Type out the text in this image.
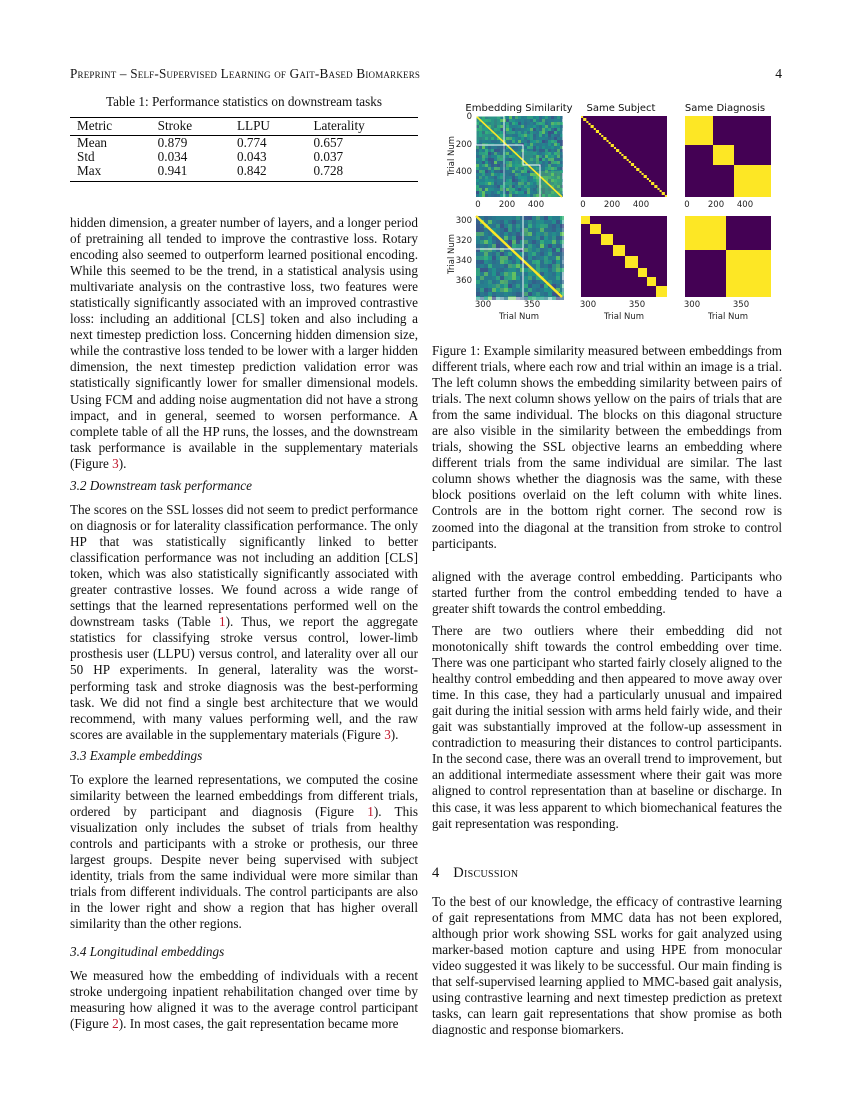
Preprint – Self-Supervised Learning of Gait-Based Biomarkers	4
Table 1: Performance statistics on downstream tasks
Metric	Stroke	LLPU	Laterality
Mean	0.879	0.774	0.657
Std	0.034	0.043	0.037
Max	0.941	0.842	0.728
Embedding Similarity Same Subject	Same Diagnosis
Trial Num
0
200
400
0 200 400	0 200 400	0 200 400
Trial Num
300
320
340
360
300	350	300	350	300	350
Trial Num	Trial Num	Trial Num

Figure 1: Example similarity measured between embeddings from different trials, where each row and trial within an image is a trial. The left column shows the embedding similarity between pairs of trials. The next column shows yellow on the pairs of trials that are from the same individual. The blocks on this diagonal structure are also visible in the similarity between the embeddings from trials, showing the SSL objective learns an embedding where different trials from the same individual are similar. The last column shows whether the diagnosis was the same, with these block positions overlaid on the left column with white lines. Controls are in the bottom right corner. The second row is zoomed into the diagonal at the transition from stroke to control participants.

hidden dimension, a greater number of layers, and a longer period of pretraining all tended to improve the contrastive loss. Rotary encoding also seemed to outperform learned positional encoding. While this seemed to be the trend, in a statistical analysis using multivariate analysis on the contrastive loss, two features were statistically significantly associated with an improved contrastive loss: including an additional [CLS] token and also including a next timestep prediction loss. Concerning hidden dimension size, while the contrastive loss tended to be lower with a larger hidden dimension, the next timestep prediction validation error was statistically significantly lower for smaller dimensional models. Using FCM and adding noise augmentation did not have a strong impact, and in general, seemed to worsen performance. A complete table of all the HP runs, the losses, and the downstream task performance is available in the supplementary materials (Figure 3).

3.2 Downstream task performance

The scores on the SSL losses did not seem to predict performance on diagnosis or for laterality classification performance. The only HP that was statistically significantly linked to better classification performance was not including an addition [CLS] token, which was also statistically significantly associated with greater contrastive losses. We found across a wide range of settings that the learned representations performed well on the downstream tasks (Table 1). Thus, we report the aggregate statistics for classifying stroke versus control, lower-limb prosthesis user (LLPU) versus control, and laterality over all our 50 HP experiments. In general, laterality was the worst-performing task and stroke diagnosis was the best-performing task. We did not find a single best architecture that we would recommend, with many values performing well, and the raw scores are available in the supplementary materials (Figure 3).

3.3 Example embeddings

To explore the learned representations, we computed the cosine similarity between the learned embeddings from different trials, ordered by participant and diagnosis (Figure 1). This visualization only includes the subset of trials from healthy controls and participants with a stroke or prothesis, our three largest groups. Despite never being supervised with subject identity, trials from the same individual were more similar than trials from different individuals. The control participants are also in the lower right and show a region that has higher overall similarity than the other regions.

3.4 Longitudinal embeddings

We measured how the embedding of individuals with a recent stroke undergoing inpatient rehabilitation changed over time by measuring how aligned it was to the average control participant (Figure 2). In most cases, the gait representation became more

aligned with the average control embedding. Participants who started further from the control embedding tended to have a greater shift towards the control embedding.

There are two outliers where their embedding did not monotonically shift towards the control embedding over time. There was one participant who started fairly closely aligned to the healthy control embedding and then appeared to move away over time. In this case, they had a particularly unusual and impaired gait during the initial session with arms held fairly wide, and their gait was substantially improved at the follow-up assessment in contradiction to measuring their distances to control participants. In the second case, there was an overall trend to improvement, but an additional intermediate assessment where their gait was more aligned to control representation than at baseline or discharge. In this case, it was less apparent to which biomechanical features the gait representation was responding.

4 Discussion

To the best of our knowledge, the efficacy of contrastive learning of gait representations from MMC data has not been explored, although prior work showing SSL works for gait analyzed using marker-based motion capture and using HPE from monocular video suggested it was likely to be successful. Our main finding is that self-supervised learning applied to MMC-based gait analysis, using contrastive learning and next timestep prediction as pretext tasks, can learn gait representations that show promise as both diagnostic and response biomarkers.
